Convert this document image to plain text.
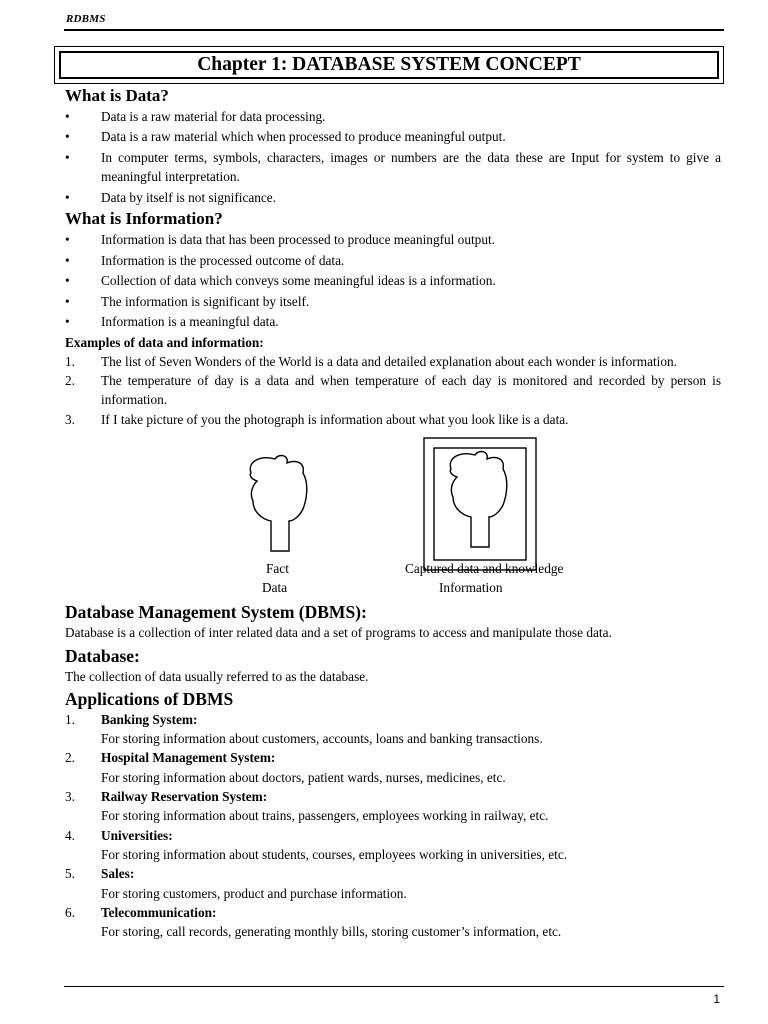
RDBMS
Chapter 1: DATABASE SYSTEM CONCEPT
What is Data?
• Data is a raw material for data processing.
• Data is a raw material which when processed to produce meaningful output.
• In computer terms, symbols, characters, images or numbers are the data these are Input for system to give a meaningful interpretation.
• Data by itself is not significance.
What is Information?
• Information is data that has been processed to produce meaningful output.
• Information is the processed outcome of data.
• Collection of data which conveys some meaningful ideas is a information.
• The information is significant by itself.
• Information is a meaningful data.
Examples of data and information:
1. The list of Seven Wonders of the World is a data and detailed explanation about each wonder is information.
2. The temperature of day is a data and when temperature of each day is monitored and recorded by person is information.
3. If I take picture of you the photograph is information about what you look like is a data.
Fact
Data
Captured data and knowledge
Information
Database Management System (DBMS):

Database is a collection of inter related data and a set of programs to access and manipulate those data.

Database:

The collection of data usually referred to as the database.

Applications of DBMS
1. Banking System:
For storing information about customers, accounts, loans and banking transactions.
2. Hospital Management System:
For storing information about doctors, patient wards, nurses, medicines, etc.
3. Railway Reservation System:
For storing information about trains, passengers, employees working in railway, etc.
4. Universities:
For storing information about students, courses, employees working in universities, etc.
5. Sales:
For storing customers, product and purchase information.
6. Telecommunication:
For storing, call records, generating monthly bills, storing customer’s information, etc.
1
